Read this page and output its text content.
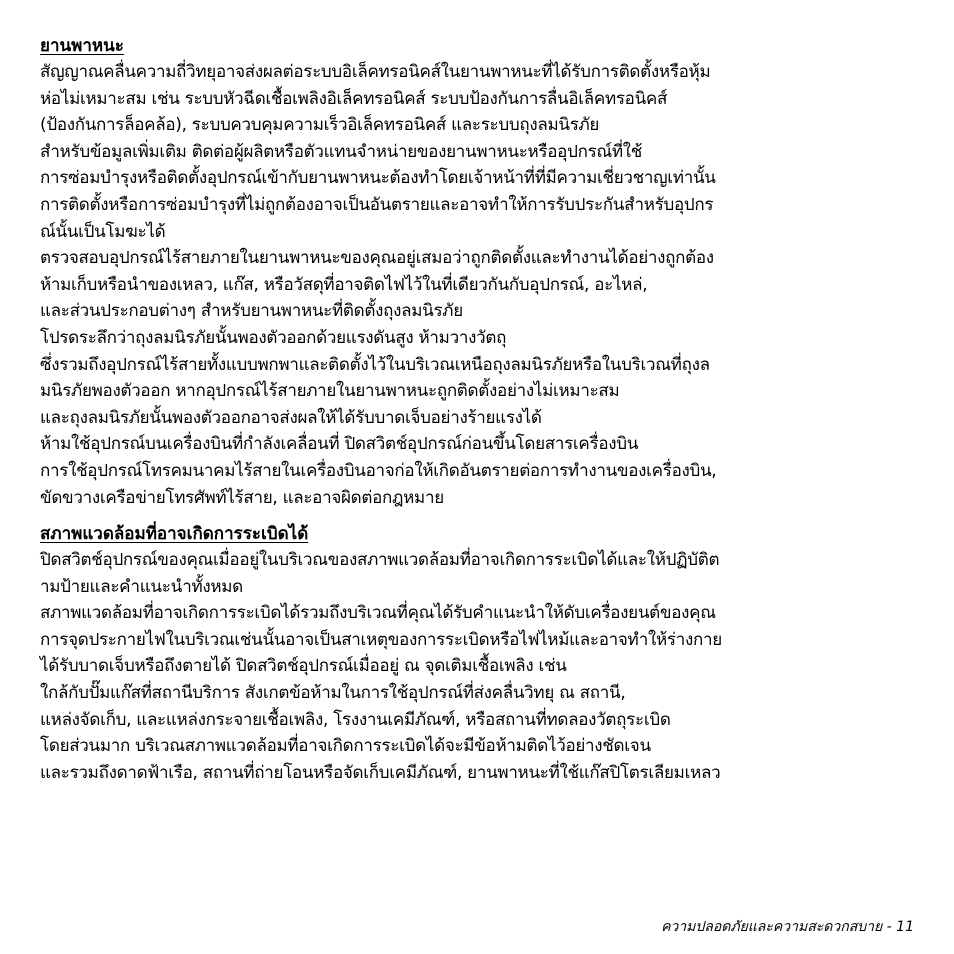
ยานพาหนะ
สัญญาณคลื่นความถี่วิทยุอาจส่งผลต่อระบบอิเล็คทรอนิคส์ในยานพาหนะที่ได้รับการติดตั้งหรือหุ้ม
ห่อไม่เหมาะสม เช่น ระบบหัวฉีดเชื้อเพลิงอิเล็คทรอนิคส์ ระบบป้องกันการลื่นอิเล็คทรอนิคส์
(ป้องกันการล็อคล้อ), ระบบควบคุมความเร็วอิเล็คทรอนิคส์ และระบบถุงลมนิรภัย
สำหรับข้อมูลเพิ่มเติม ติดต่อผู้ผลิตหรือตัวแทนจำหน่ายของยานพาหนะหรืออุปกรณ์ที่ใช้
การซ่อมบำรุงหรือติดตั้งอุปกรณ์เข้ากับยานพาหนะต้องทำโดยเจ้าหน้าที่ที่มีความเชี่ยวชาญเท่านั้น
การติดตั้งหรือการซ่อมบำรุงที่ไม่ถูกต้องอาจเป็นอันตรายและอาจทำให้การรับประกันสำหรับอุปกร
ณ์นั้นเป็นโมฆะได้
ตรวจสอบอุปกรณ์ไร้สายภายในยานพาหนะของคุณอยู่เสมอว่าถูกติดตั้งและทำงานได้อย่างถูกต้อง
ห้ามเก็บหรือนำของเหลว, แก๊ส, หรือวัสดุที่อาจติดไฟไว้ในที่เดียวกันกับอุปกรณ์, อะไหล่,
และส่วนประกอบต่างๆ สำหรับยานพาหนะที่ติดตั้งถุงลมนิรภัย
โปรดระลึกว่าถุงลมนิรภัยนั้นพองตัวออกด้วยแรงดันสูง ห้ามวางวัตถุ
ซึ่งรวมถึงอุปกรณ์ไร้สายทั้งแบบพกพาและติดตั้งไว้ในบริเวณเหนือถุงลมนิรภัยหรือในบริเวณที่ถุงล
มนิรภัยพองตัวออก หากอุปกรณ์ไร้สายภายในยานพาหนะถูกติดตั้งอย่างไม่เหมาะสม
และถุงลมนิรภัยนั้นพองตัวออกอาจส่งผลให้ได้รับบาดเจ็บอย่างร้ายแรงได้
ห้ามใช้อุปกรณ์บนเครื่องบินที่กำลังเคลื่อนที่ ปิดสวิตช์อุปกรณ์ก่อนขึ้นโดยสารเครื่องบิน
การใช้อุปกรณ์โทรคมนาคมไร้สายในเครื่องบินอาจก่อให้เกิดอันตรายต่อการทำงานของเครื่องบิน,
ขัดขวางเครือข่ายโทรศัพท์ไร้สาย, และอาจผิดต่อกฎหมาย
สภาพแวดล้อมที่อาจเกิดการระเบิดได้
ปิดสวิตช์อุปกรณ์ของคุณเมื่ออยู่ในบริเวณของสภาพแวดล้อมที่อาจเกิดการระเบิดได้และให้ปฏิบัติต
ามป้ายและคำแนะนำทั้งหมด
สภาพแวดล้อมที่อาจเกิดการระเบิดได้รวมถึงบริเวณที่คุณได้รับคำแนะนำให้ดับเครื่องยนต์ของคุณ
การจุดประกายไฟในบริเวณเช่นนั้นอาจเป็นสาเหตุของการระเบิดหรือไฟไหม้และอาจทำให้ร่างกาย
ได้รับบาดเจ็บหรือถึงตายได้ ปิดสวิตช์อุปกรณ์เมื่ออยู่ ณ จุดเติมเชื้อเพลิง เช่น
ใกล้กับปั๊มแก๊สที่สถานีบริการ สังเกตข้อห้ามในการใช้อุปกรณ์ที่ส่งคลื่นวิทยุ ณ สถานี,
แหล่งจัดเก็บ, และแหล่งกระจายเชื้อเพลิง, โรงงานเคมีภัณฑ์, หรือสถานที่ทดลองวัตถุระเบิด
โดยส่วนมาก บริเวณสภาพแวดล้อมที่อาจเกิดการระเบิดได้จะมีข้อห้ามติดไว้อย่างชัดเจน
และรวมถึงดาดฟ้าเรือ, สถานที่ถ่ายโอนหรือจัดเก็บเคมีภัณฑ์, ยานพาหนะที่ใช้แก๊สปิโตรเลียมเหลว
ความปลอดภัยและความสะดวกสบาย - 11
